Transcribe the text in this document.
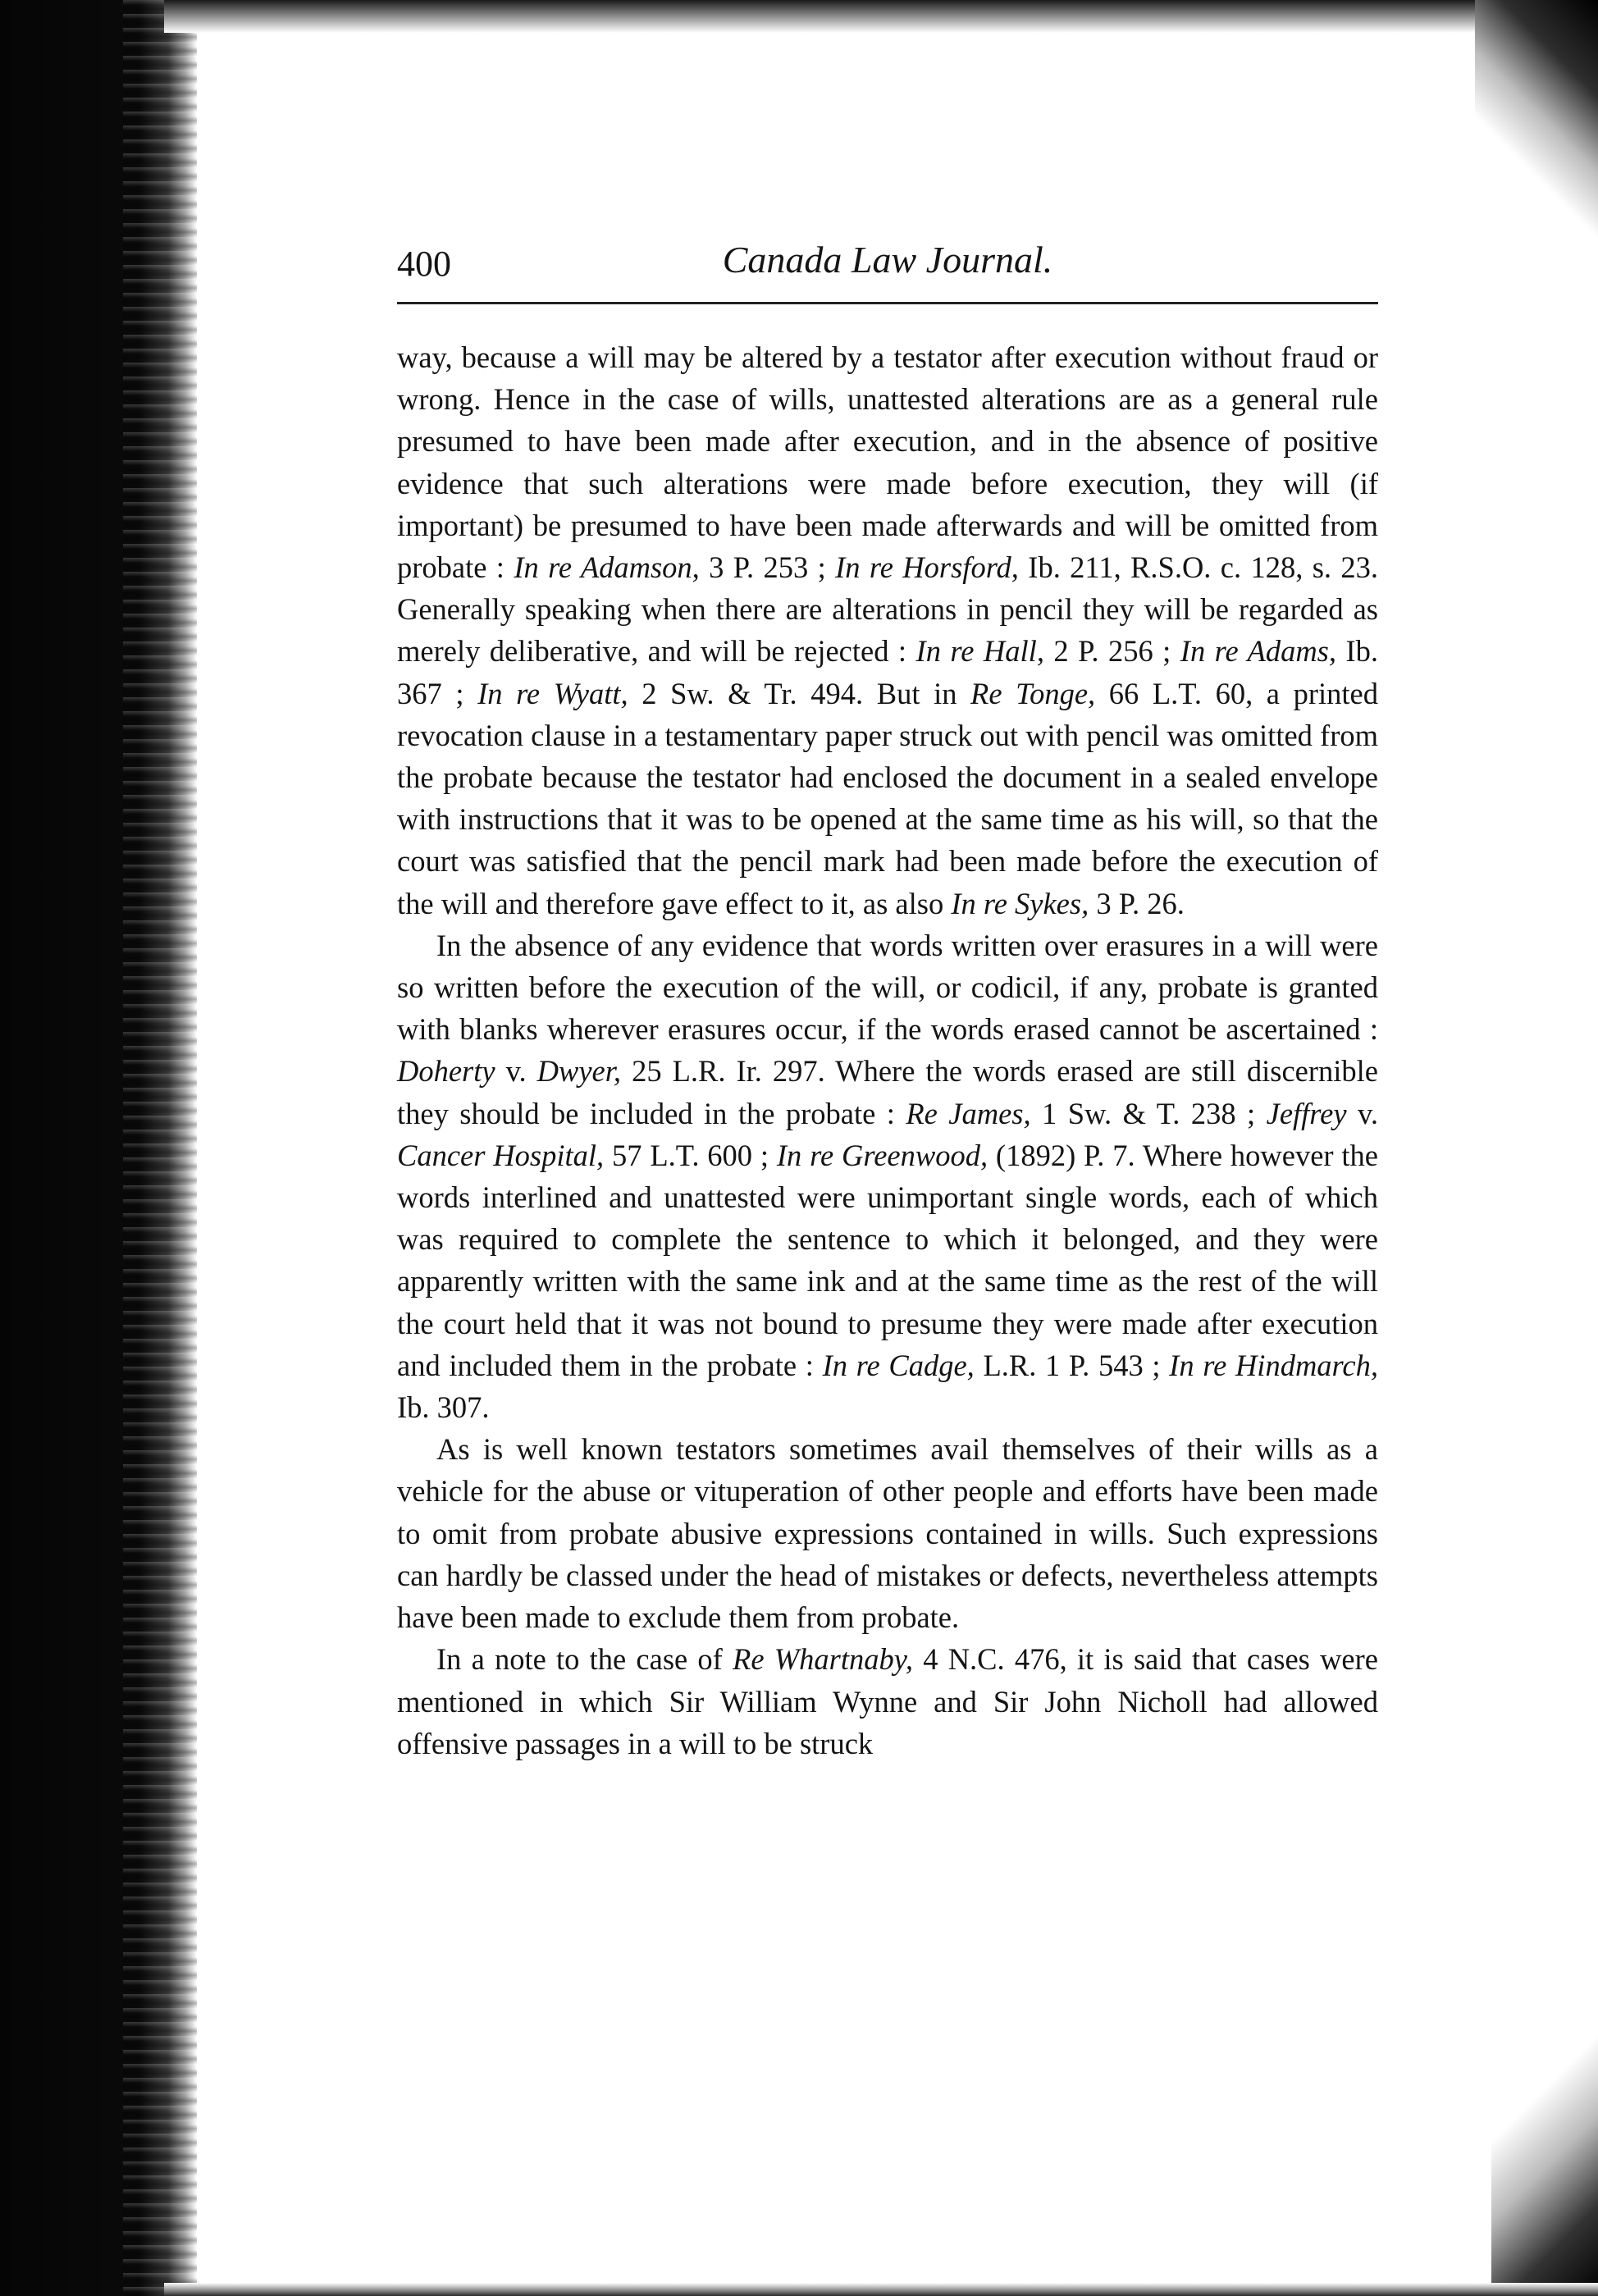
400	Canada Law Journal.

way, because a will may be altered by a testator after execution without fraud or wrong. Hence in the case of wills, unattested alterations are as a general rule presumed to have been made after execution, and in the absence of positive evidence that such alterations were made before execution, they will (if important) be presumed to have been made afterwards and will be omitted from probate : In re Adamson, 3 P. 253 ; In re Horsford, Ib. 211, R.S.O. c. 128, s. 23. Generally speaking when there are alterations in pencil they will be regarded as merely deliberative, and will be rejected : In re Hall, 2 P. 256 ; In re Adams, Ib. 367 ; In re Wyatt, 2 Sw. & Tr. 494. But in Re Tonge, 66 L.T. 60, a printed revocation clause in a testamentary paper struck out with pencil was omitted from the probate because the testator had enclosed the document in a sealed envelope with instructions that it was to be opened at the same time as his will, so that the court was satisfied that the pencil mark had been made before the execution of the will and therefore gave effect to it, as also In re Sykes, 3 P. 26.

In the absence of any evidence that words written over erasures in a will were so written before the execution of the will, or codicil, if any, probate is granted with blanks wherever erasures occur, if the words erased cannot be ascertained : Doherty v. Dwyer, 25 L.R. Ir. 297. Where the words erased are still discernible they should be included in the probate : Re James, 1 Sw. & T. 238 ; Jeffrey v. Cancer Hospital, 57 L.T. 600 ; In re Greenwood, (1892) P. 7. Where however the words interlined and unattested were unimportant single words, each of which was required to complete the sentence to which it belonged, and they were apparently written with the same ink and at the same time as the rest of the will the court held that it was not bound to presume they were made after execution and included them in the probate : In re Cadge, L.R. 1 P. 543 ; In re Hindmarch, Ib. 307.

As is well known testators sometimes avail themselves of their wills as a vehicle for the abuse or vituperation of other people and efforts have been made to omit from probate abusive expressions contained in wills. Such expressions can hardly be classed under the head of mistakes or defects, nevertheless attempts have been made to exclude them from probate.

In a note to the case of Re Whartnaby, 4 N.C. 476, it is said that cases were mentioned in which Sir William Wynne and Sir John Nicholl had allowed offensive passages in a will to be struck
